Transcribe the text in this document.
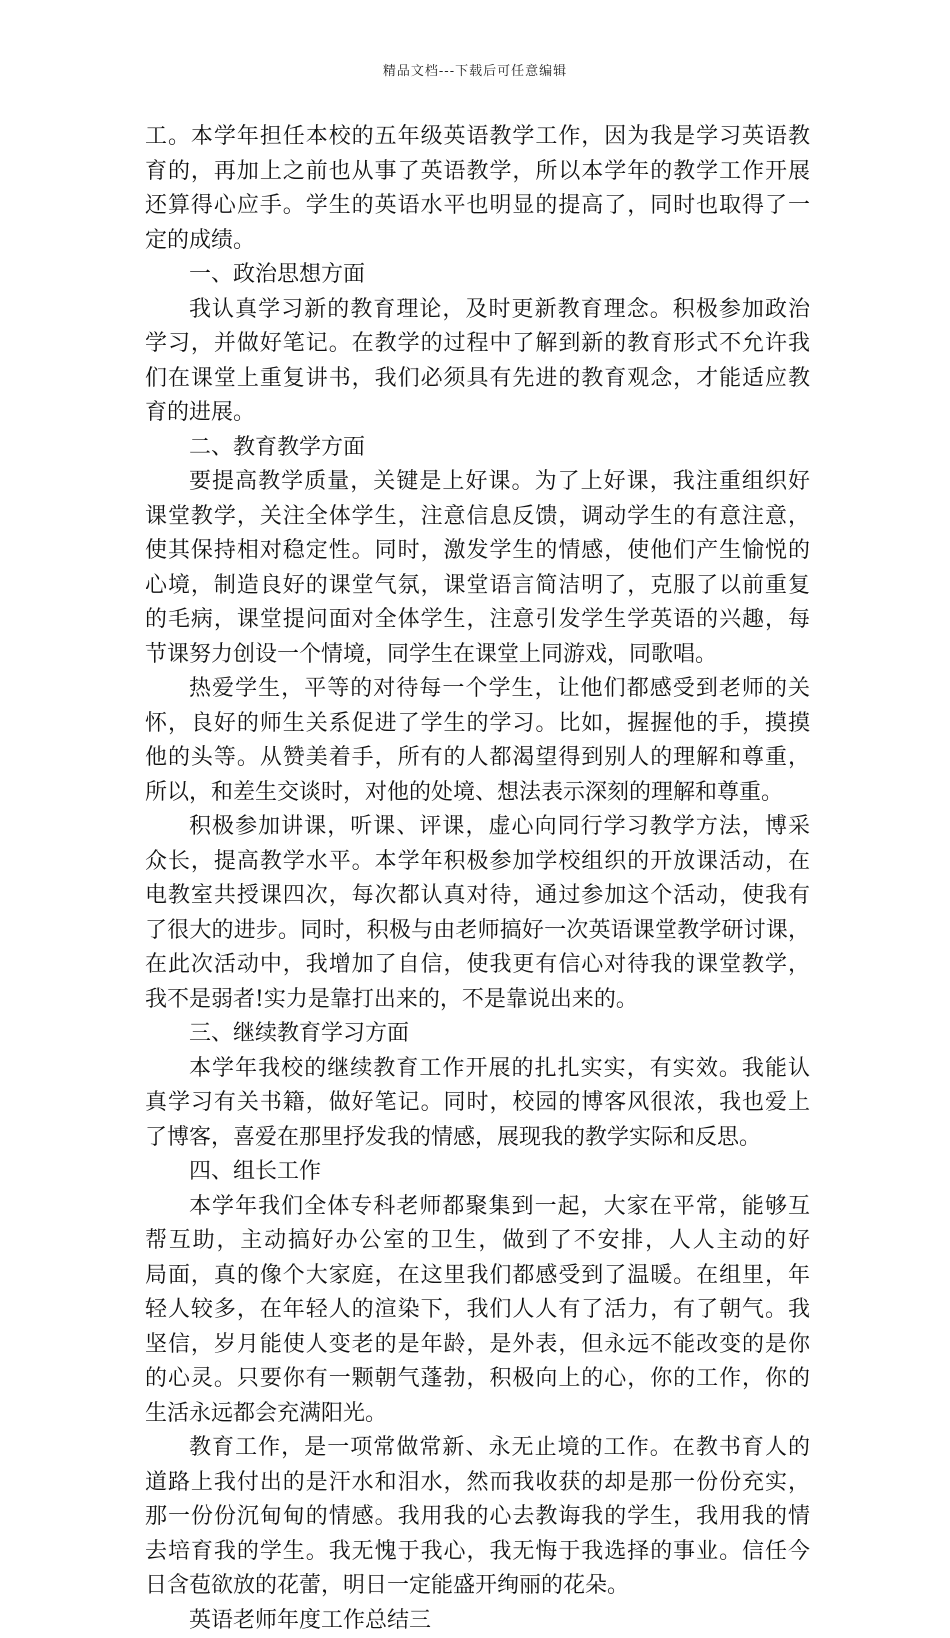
精品文档---下载后可任意编辑
工。本学年担任本校的五年级英语教学工作，因为我是学习英语教
育的，再加上之前也从事了英语教学，所以本学年的教学工作开展
还算得心应手。学生的英语水平也明显的提高了，同时也取得了一
定的成绩。
一、政治思想方面
我认真学习新的教育理论，及时更新教育理念。积极参加政治
学习，并做好笔记。在教学的过程中了解到新的教育形式不允许我
们在课堂上重复讲书，我们必须具有先进的教育观念，才能适应教
育的进展。
二、教育教学方面
要提高教学质量，关键是上好课。为了上好课，我注重组织好
课堂教学，关注全体学生，注意信息反馈，调动学生的有意注意，
使其保持相对稳定性。同时，激发学生的情感，使他们产生愉悦的
心境，制造良好的课堂气氛，课堂语言简洁明了，克服了以前重复
的毛病，课堂提问面对全体学生，注意引发学生学英语的兴趣，每
节课努力创设一个情境，同学生在课堂上同游戏，同歌唱。
热爱学生，平等的对待每一个学生，让他们都感受到老师的关
怀，良好的师生关系促进了学生的学习。比如，握握他的手，摸摸
他的头等。从赞美着手，所有的人都渴望得到别人的理解和尊重，
所以，和差生交谈时，对他的处境、想法表示深刻的理解和尊重。
积极参加讲课，听课、评课，虚心向同行学习教学方法，博采
众长，提高教学水平。本学年积极参加学校组织的开放课活动，在
电教室共授课四次，每次都认真对待，通过参加这个活动，使我有
了很大的进步。同时，积极与由老师搞好一次英语课堂教学研讨课，
在此次活动中，我增加了自信，使我更有信心对待我的课堂教学，
我不是弱者!实力是靠打出来的，不是靠说出来的。
三、继续教育学习方面
本学年我校的继续教育工作开展的扎扎实实，有实效。我能认
真学习有关书籍，做好笔记。同时，校园的博客风很浓，我也爱上
了博客，喜爱在那里抒发我的情感，展现我的教学实际和反思。
四、组长工作
本学年我们全体专科老师都聚集到一起，大家在平常，能够互
帮互助，主动搞好办公室的卫生，做到了不安排，人人主动的好
局面，真的像个大家庭，在这里我们都感受到了温暖。在组里，年
轻人较多，在年轻人的渲染下，我们人人有了活力，有了朝气。我
坚信，岁月能使人变老的是年龄，是外表，但永远不能改变的是你
的心灵。只要你有一颗朝气蓬勃，积极向上的心，你的工作，你的
生活永远都会充满阳光。
教育工作，是一项常做常新、永无止境的工作。在教书育人的
道路上我付出的是汗水和泪水，然而我收获的却是那一份份充实，
那一份份沉甸甸的情感。我用我的心去教诲我的学生，我用我的情
去培育我的学生。我无愧于我心，我无悔于我选择的事业。信任今
日含苞欲放的花蕾，明日一定能盛开绚丽的花朵。
英语老师年度工作总结三
